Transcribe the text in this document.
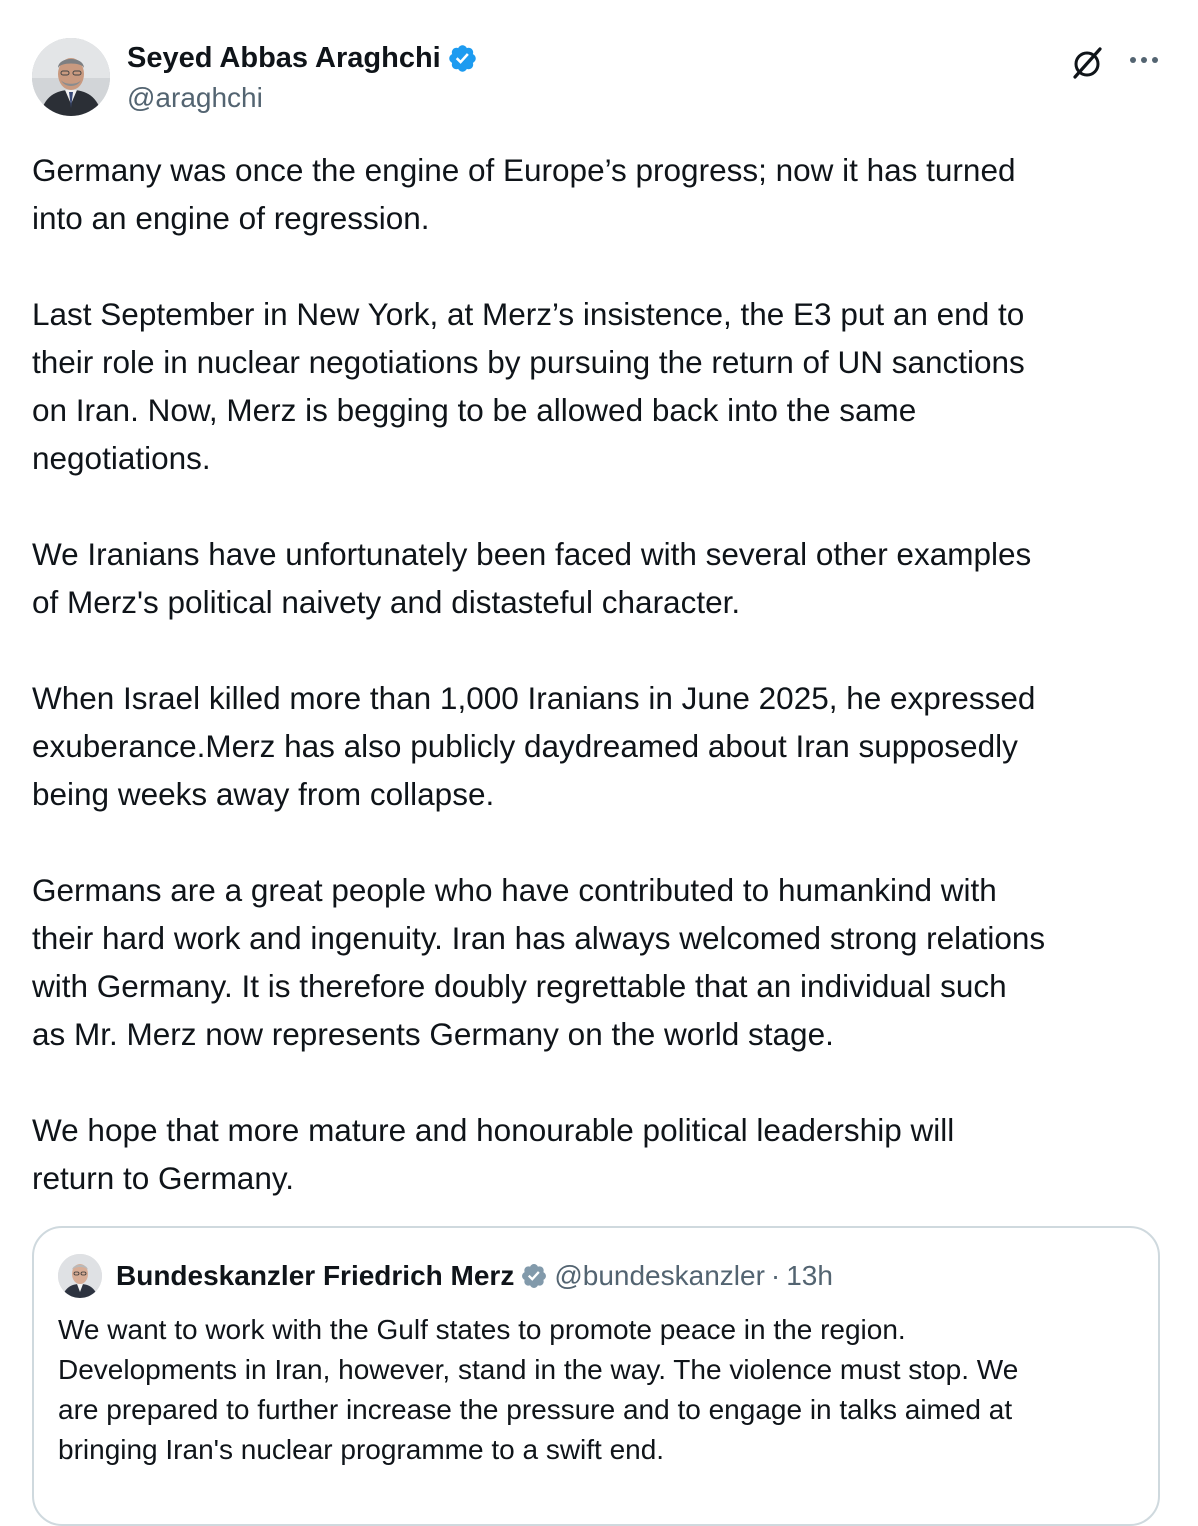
Seyed Abbas Araghchi
@araghchi

Germany was once the engine of Europe’s progress; now it has turned
into an engine of regression.

Last September in New York, at Merz’s insistence, the E3 put an end to
their role in nuclear negotiations by pursuing the return of UN sanctions
on Iran. Now, Merz is begging to be allowed back into the same
negotiations.

We Iranians have unfortunately been faced with several other examples
of Merz's political naivety and distasteful character.

When Israel killed more than 1,000 Iranians in June 2025, he expressed
exuberance.Merz has also publicly daydreamed about Iran supposedly
being weeks away from collapse.

Germans are a great people who have contributed to humankind with
their hard work and ingenuity. Iran has always welcomed strong relations
with Germany. It is therefore doubly regrettable that an individual such
as Mr. Merz now represents Germany on the world stage.

We hope that more mature and honourable political leadership will
return to Germany.

Bundeskanzler Friedrich Merz @bundeskanzler · 13h
We want to work with the Gulf states to promote peace in the region.
Developments in Iran, however, stand in the way. The violence must stop. We
are prepared to further increase the pressure and to engage in talks aimed at
bringing Iran's nuclear programme to a swift end.
